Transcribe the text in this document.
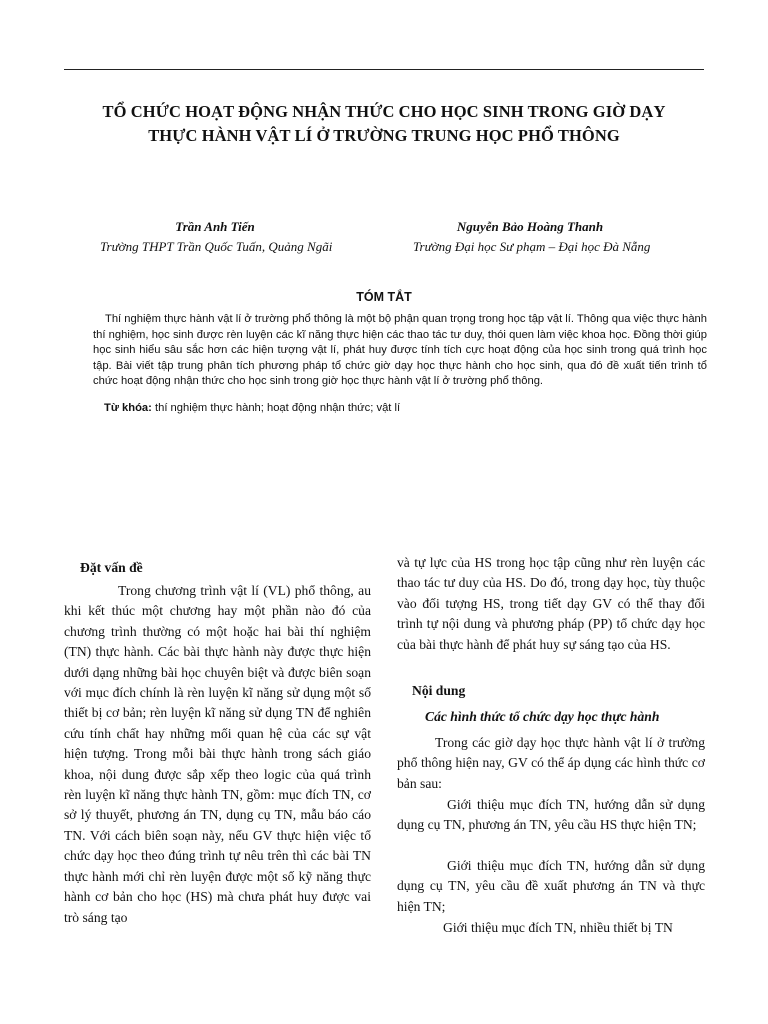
TỔ CHỨC HOẠT ĐỘNG NHẬN THỨC CHO HỌC SINH TRONG GIỜ DẠY
THỰC HÀNH VẬT LÍ Ở TRƯỜNG TRUNG HỌC PHỔ THÔNG
Trần Anh Tiến
Trường THPT Trần Quốc Tuấn, Quảng Ngãi
Nguyễn Bảo Hoàng Thanh
Trường Đại học Sư phạm – Đại học Đà Nẵng
TÓM TẮT

Thí nghiệm thực hành vật lí ở trường phổ thông là một bộ phận quan trọng trong học tập vật lí. Thông qua việc thực hành thí nghiệm, học sinh được rèn luyện các kĩ năng thực hiện các thao tác tư duy, thói quen làm việc khoa học. Đồng thời giúp học sinh hiểu sâu sắc hơn các hiện tượng vật lí, phát huy được tính tích cực hoạt động của học sinh trong quá trình học tập. Bài viết tập trung phân tích phương pháp tổ chức giờ dạy học thực hành cho học sinh, qua đó đề xuất tiến trình tổ chức hoạt động nhận thức cho học sinh trong giờ học thực hành vật lí ở trường phổ thông.

Từ khóa: thí nghiệm thực hành; hoạt động nhận thức; vật lí
Đặt vấn đề

Trong chương trình vật lí (VL) phổ thông, au khi kết thúc một chương hay một phần nào đó của chương trình thường có một hoặc hai bài thí nghiệm (TN) thực hành. Các bài thực hành này được thực hiện dưới dạng những bài học chuyên biệt và được biên soạn với mục đích chính là rèn luyện kĩ năng sử dụng một số thiết bị cơ bản; rèn luyện kĩ năng sử dụng TN để nghiên cứu tính chất hay những mối quan hệ của các sự vật hiện tượng. Trong mỗi bài thực hành trong sách giáo khoa, nội dung được sắp xếp theo logic của quá trình rèn luyện kĩ năng thực hành TN, gồm: mục đích TN, cơ sở lý thuyết, phương án TN, dụng cụ TN, mẫu báo cáo TN. Với cách biên soạn này, nếu GV thực hiện việc tổ chức dạy học theo đúng trình tự nêu trên thì các bài TN thực hành mới chỉ rèn luyện được một số kỹ năng thực hành cơ bản cho học (HS) mà chưa phát huy được vai trò sáng tạo

và tự lực của HS trong học tập cũng như rèn luyện các thao tác tư duy của HS. Do đó, trong dạy học, tùy thuộc vào đối tượng HS, trong tiết dạy GV có thể thay đổi trình tự nội dung và phương pháp (PP) tổ chức dạy học của bài thực hành để phát huy sự sáng tạo của HS.

Nội dung
Các hình thức tổ chức dạy học thực hành

Trong các giờ dạy học thực hành vật lí ở trường phổ thông hiện nay, GV có thể áp dụng các hình thức cơ bản sau:

Giới thiệu mục đích TN, hướng dẫn sử dụng dụng cụ TN, phương án TN, yêu cầu HS thực hiện TN;

Giới thiệu mục đích TN, hướng dẫn sử dụng dụng cụ TN, yêu cầu đề xuất phương án TN và thực hiện TN;

Giới thiệu mục đích TN, nhiều thiết bị TN
